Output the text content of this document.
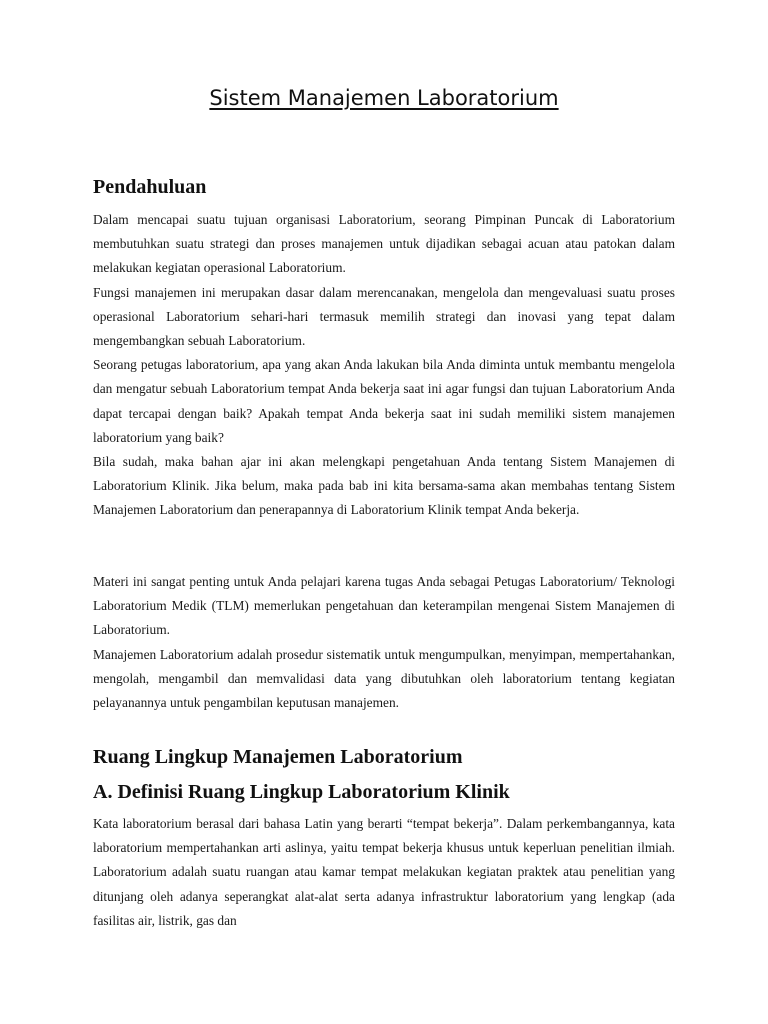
Sistem Manajemen Laboratorium
Pendahuluan

Dalam mencapai suatu tujuan organisasi Laboratorium, seorang Pimpinan Puncak di Laboratorium membutuhkan suatu strategi dan proses manajemen untuk dijadikan sebagai acuan atau patokan dalam melakukan kegiatan operasional Laboratorium.

Fungsi manajemen ini merupakan dasar dalam merencanakan, mengelola dan mengevaluasi suatu proses operasional Laboratorium sehari-hari termasuk memilih strategi dan inovasi yang tepat dalam mengembangkan sebuah Laboratorium.

Seorang petugas laboratorium, apa yang akan Anda lakukan bila Anda diminta untuk membantu mengelola dan mengatur sebuah Laboratorium tempat Anda bekerja saat ini agar fungsi dan tujuan Laboratorium Anda dapat tercapai dengan baik? Apakah tempat Anda bekerja saat ini sudah memiliki sistem manajemen laboratorium yang baik?

Bila sudah, maka bahan ajar ini akan melengkapi pengetahuan Anda tentang Sistem Manajemen di Laboratorium Klinik. Jika belum, maka pada bab ini kita bersama-sama akan membahas tentang Sistem Manajemen Laboratorium dan penerapannya di Laboratorium Klinik tempat Anda bekerja.

Materi ini sangat penting untuk Anda pelajari karena tugas Anda sebagai Petugas Laboratorium/ Teknologi Laboratorium Medik (TLM) memerlukan pengetahuan dan keterampilan mengenai Sistem Manajemen di Laboratorium.

Manajemen Laboratorium adalah prosedur sistematik untuk mengumpulkan, menyimpan, mempertahankan, mengolah, mengambil dan memvalidasi data yang dibutuhkan oleh laboratorium tentang kegiatan pelayanannya untuk pengambilan keputusan manajemen.

Ruang Lingkup Manajemen Laboratorium
A. Definisi Ruang Lingkup Laboratorium Klinik

Kata laboratorium berasal dari bahasa Latin yang berarti “tempat bekerja”. Dalam perkembangannya, kata laboratorium mempertahankan arti aslinya, yaitu tempat bekerja khusus untuk keperluan penelitian ilmiah. Laboratorium adalah suatu ruangan atau kamar tempat melakukan kegiatan praktek atau penelitian yang ditunjang oleh adanya seperangkat alat-alat serta adanya infrastruktur laboratorium yang lengkap (ada fasilitas air, listrik, gas dan
